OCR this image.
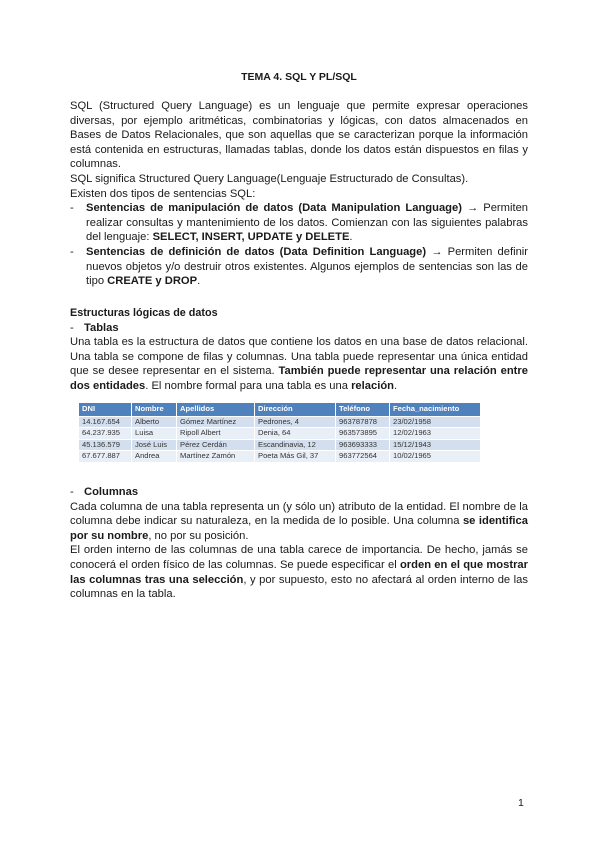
TEMA 4. SQL Y PL/SQL

SQL (Structured Query Language) es un lenguaje que permite expresar operaciones diversas, por ejemplo aritméticas, combinatorias y lógicas, con datos almacenados en Bases de Datos Relacionales, que son aquellas que se caracterizan porque la información está contenida en estructuras, llamadas tablas, donde los datos están dispuestos en filas y columnas.

SQL significa Structured Query Language(Lenguaje Estructurado de Consultas).

Existen dos tipos de sentencias SQL:

- Sentencias de manipulación de datos (Data Manipulation Language) → Permiten realizar consultas y mantenimiento de los datos. Comienzan con las siguientes palabras del lenguaje: SELECT, INSERT, UPDATE y DELETE.
- Sentencias de definición de datos (Data Definition Language) → Permiten definir nuevos objetos y/o destruir otros existentes. Algunos ejemplos de sentencias son las de tipo CREATE y DROP.

Estructuras lógicas de datos

- Tablas

Una tabla es la estructura de datos que contiene los datos en una base de datos relacional. Una tabla se compone de filas y columnas. Una tabla puede representar una única entidad que se desee representar en el sistema. También puede representar una relación entre dos entidades. El nombre formal para una tabla es una relación.

DNI	Nombre	Apellidos	Dirección	Teléfono	Fecha_nacimiento
14.167.654	Alberto	Gómez Martínez	Pedrones, 4	963787878	23/02/1958
64.237.935	Luisa	Ripoll Albert	Denia, 64	963573895	12/02/1963
45.136.579	José Luis	Pérez Cerdán	Escandinavia, 12	963693333	15/12/1943
67.677.887	Andrea	Martínez Zamón	Poeta Más Gil, 37	963772564	10/02/1965

- Columnas

Cada columna de una tabla representa un (y sólo un) atributo de la entidad. El nombre de la columna debe indicar su naturaleza, en la medida de lo posible. Una columna se identifica por su nombre, no por su posición.

El orden interno de las columnas de una tabla carece de importancia. De hecho, jamás se conocerá el orden físico de las columnas. Se puede especificar el orden en el que mostrar las columnas tras una selección, y por supuesto, esto no afectará al orden interno de las columnas en la tabla.

1
